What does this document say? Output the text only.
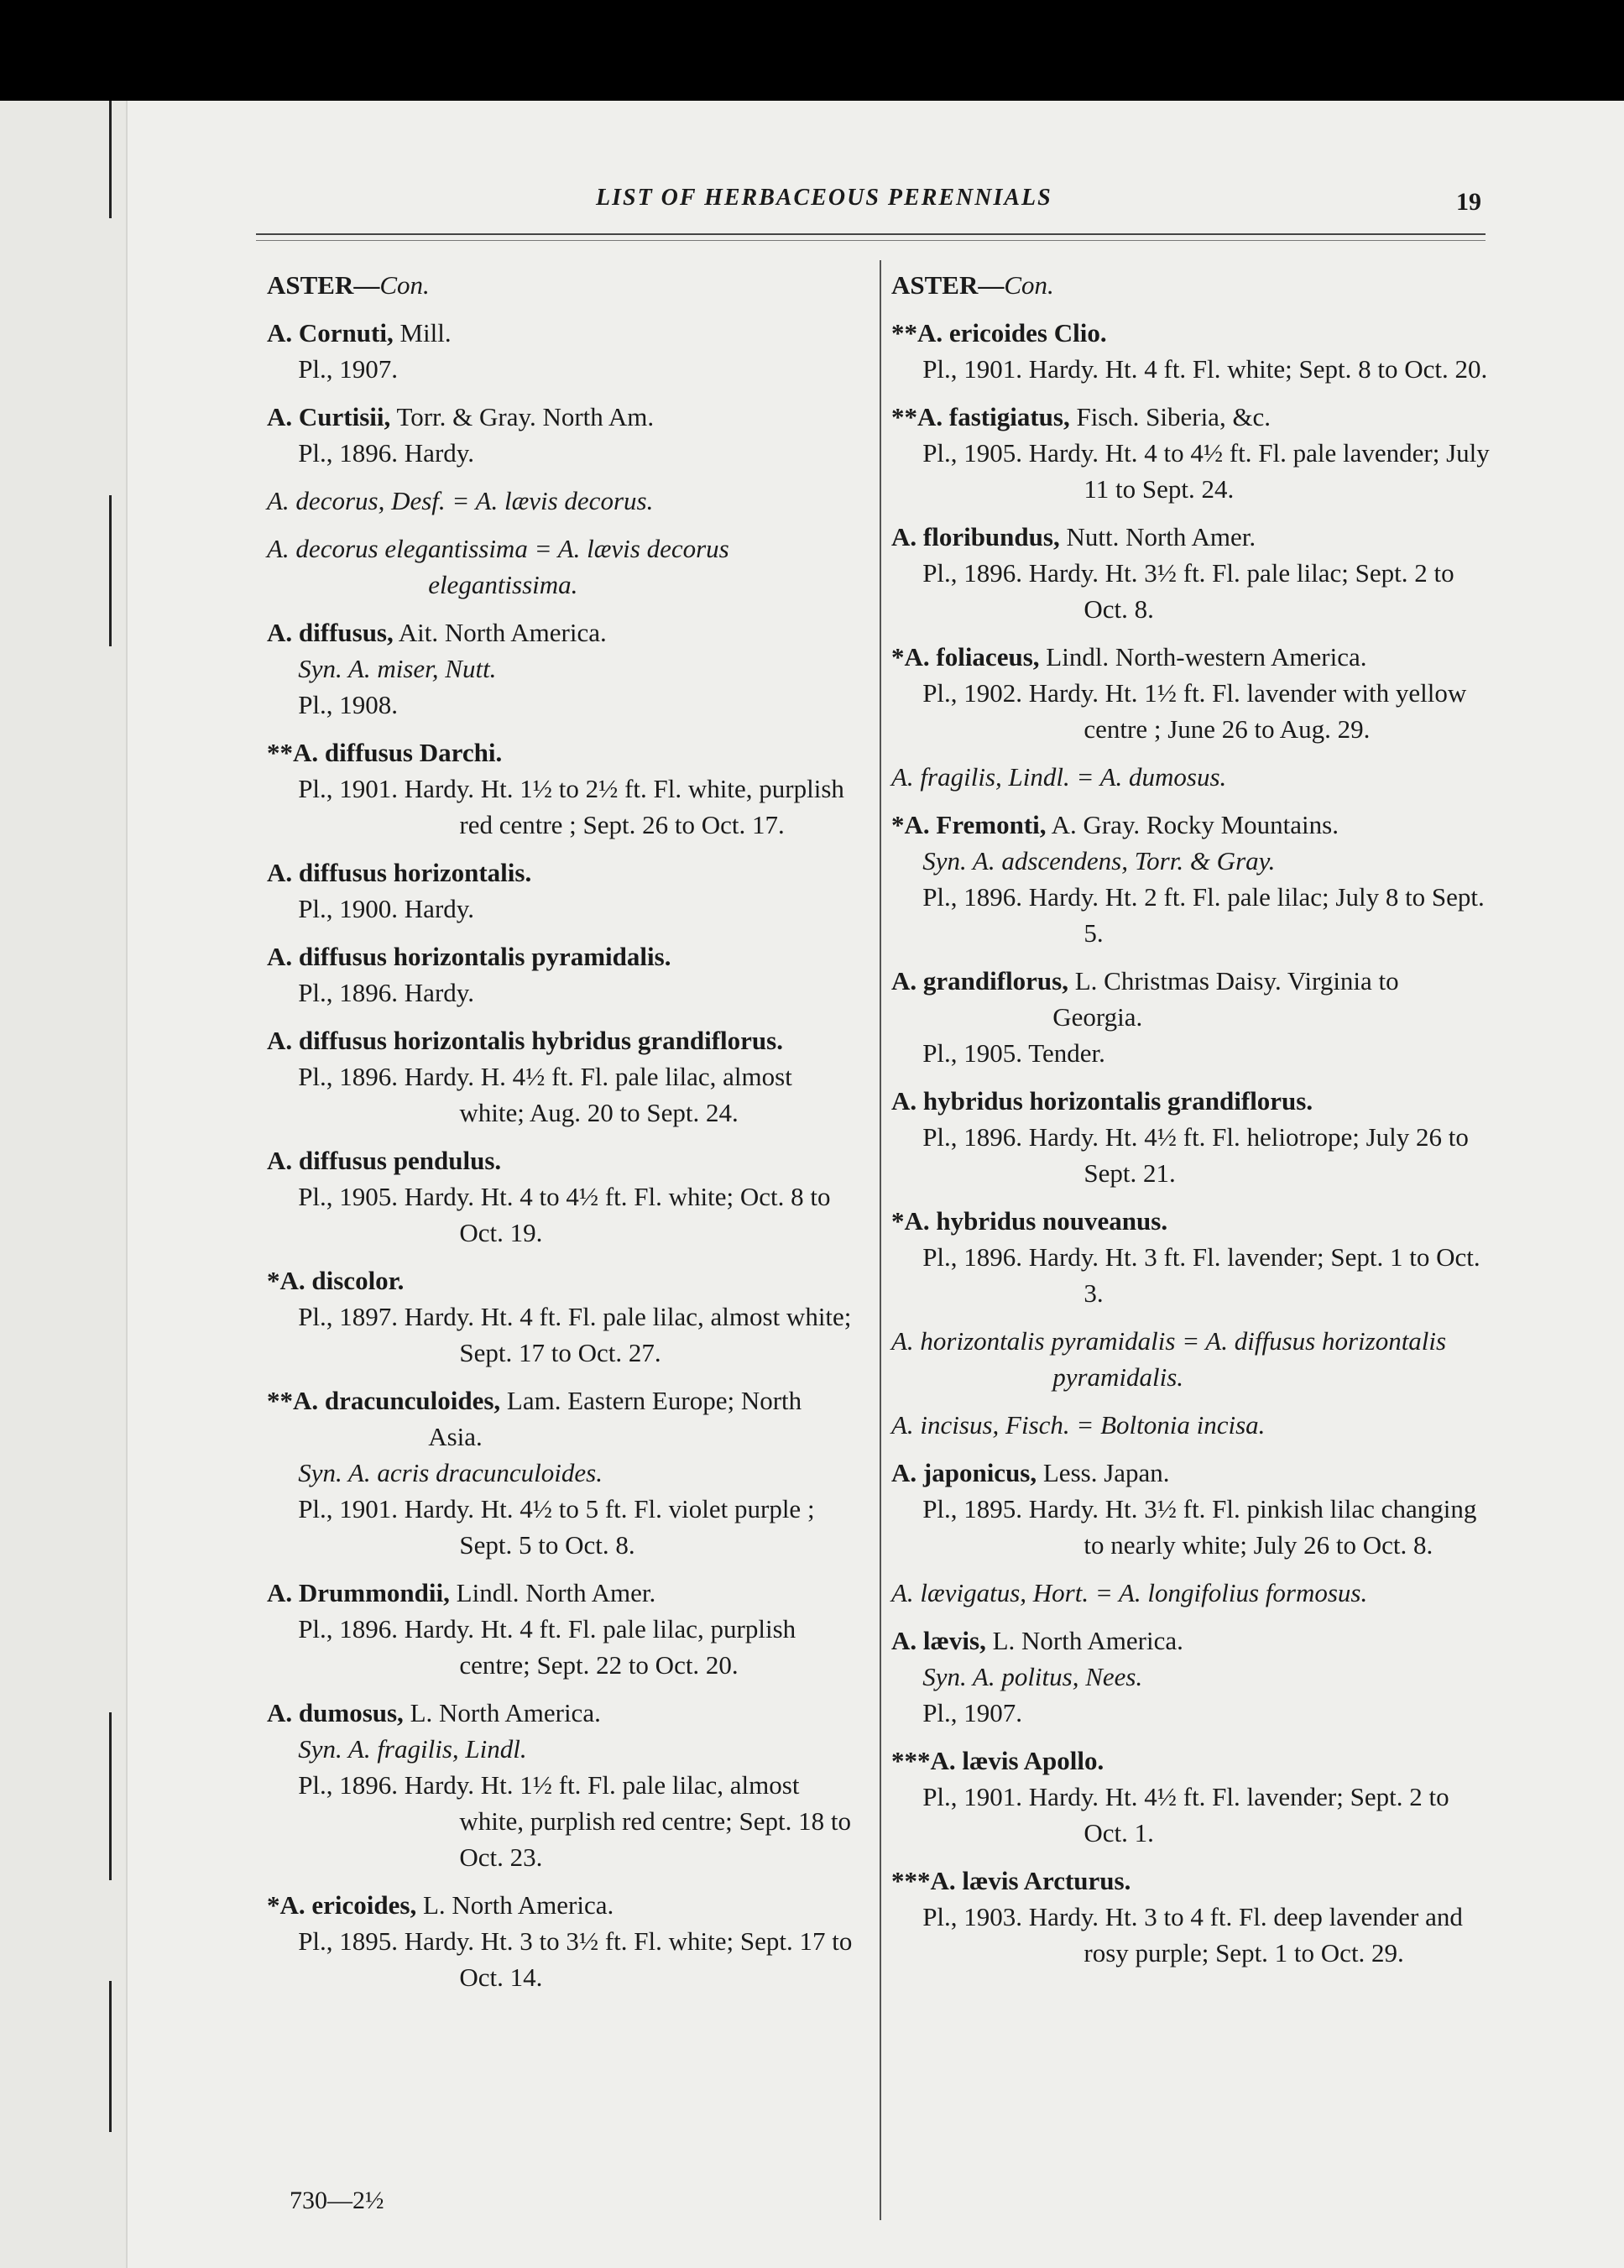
LIST OF HERBACEOUS PERENNIALS	19
ASTER—Con.
A. Cornuti, Mill.
Pl., 1907.
A. Curtisii, Torr. & Gray. North Am.
Pl., 1896. Hardy.
A. decorus, Desf. = A. lævis decorus.
A. decorus elegantissima = A. lævis decorus elegantissima.
A. diffusus, Ait. North America.
Syn. A. miser, Nutt.
Pl., 1908.
**A. diffusus Darchi.
Pl., 1901. Hardy. Ht. 1½ to 2½ ft. Fl. white, purplish red centre ; Sept. 26 to Oct. 17.
A. diffusus horizontalis.
Pl., 1900. Hardy.
A. diffusus horizontalis pyramidalis.
Pl., 1896. Hardy.
A. diffusus horizontalis hybridus grandiflorus.
Pl., 1896. Hardy. H. 4½ ft. Fl. pale lilac, almost white; Aug. 20 to Sept. 24.
A. diffusus pendulus.
Pl., 1905. Hardy. Ht. 4 to 4½ ft. Fl. white; Oct. 8 to Oct. 19.
*A. discolor.
Pl., 1897. Hardy. Ht. 4 ft. Fl. pale lilac, almost white; Sept. 17 to Oct. 27.
**A. dracunculoides, Lam. Eastern Europe; North Asia.
Syn. A. acris dracunculoides.
Pl., 1901. Hardy. Ht. 4½ to 5 ft. Fl. violet purple ; Sept. 5 to Oct. 8.
A. Drummondii, Lindl. North Amer.
Pl., 1896. Hardy. Ht. 4 ft. Fl. pale lilac, purplish centre; Sept. 22 to Oct. 20.
A. dumosus, L. North America.
Syn. A. fragilis, Lindl.
Pl., 1896. Hardy. Ht. 1½ ft. Fl. pale lilac, almost white, purplish red centre; Sept. 18 to Oct. 23.
*A. ericoides, L. North America.
Pl., 1895. Hardy. Ht. 3 to 3½ ft. Fl. white; Sept. 17 to Oct. 14.
ASTER—Con.
**A. ericoides Clio.
Pl., 1901. Hardy. Ht. 4 ft. Fl. white; Sept. 8 to Oct. 20.
**A. fastigiatus, Fisch. Siberia, &c.
Pl., 1905. Hardy. Ht. 4 to 4½ ft. Fl. pale lavender; July 11 to Sept. 24.
A. floribundus, Nutt. North Amer.
Pl., 1896. Hardy. Ht. 3½ ft. Fl. pale lilac; Sept. 2 to Oct. 8.
*A. foliaceus, Lindl. North-western America.
Pl., 1902. Hardy. Ht. 1½ ft. Fl. lavender with yellow centre ; June 26 to Aug. 29.
A. fragilis, Lindl. = A. dumosus.
*A. Fremonti, A. Gray. Rocky Mountains.
Syn. A. adscendens, Torr. & Gray.
Pl., 1896. Hardy. Ht. 2 ft. Fl. pale lilac; July 8 to Sept. 5.
A. grandiflorus, L. Christmas Daisy. Virginia to Georgia.
Pl., 1905. Tender.
A. hybridus horizontalis grandiflorus.
Pl., 1896. Hardy. Ht. 4½ ft. Fl. heliotrope; July 26 to Sept. 21.
*A. hybridus nouveanus.
Pl., 1896. Hardy. Ht. 3 ft. Fl. lavender; Sept. 1 to Oct. 3.
A. horizontalis pyramidalis = A. diffusus horizontalis pyramidalis.
A. incisus, Fisch. = Boltonia incisa.
A. japonicus, Less. Japan.
Pl., 1895. Hardy. Ht. 3½ ft. Fl. pinkish lilac changing to nearly white; July 26 to Oct. 8.
A. lævigatus, Hort. = A. longifolius formosus.
A. lævis, L. North America.
Syn. A. politus, Nees.
Pl., 1907.
***A. lævis Apollo.
Pl., 1901. Hardy. Ht. 4½ ft. Fl. lavender; Sept. 2 to Oct. 1.
***A. lævis Arcturus.
Pl., 1903. Hardy. Ht. 3 to 4 ft. Fl. deep lavender and rosy purple; Sept. 1 to Oct. 29.
730—2½
